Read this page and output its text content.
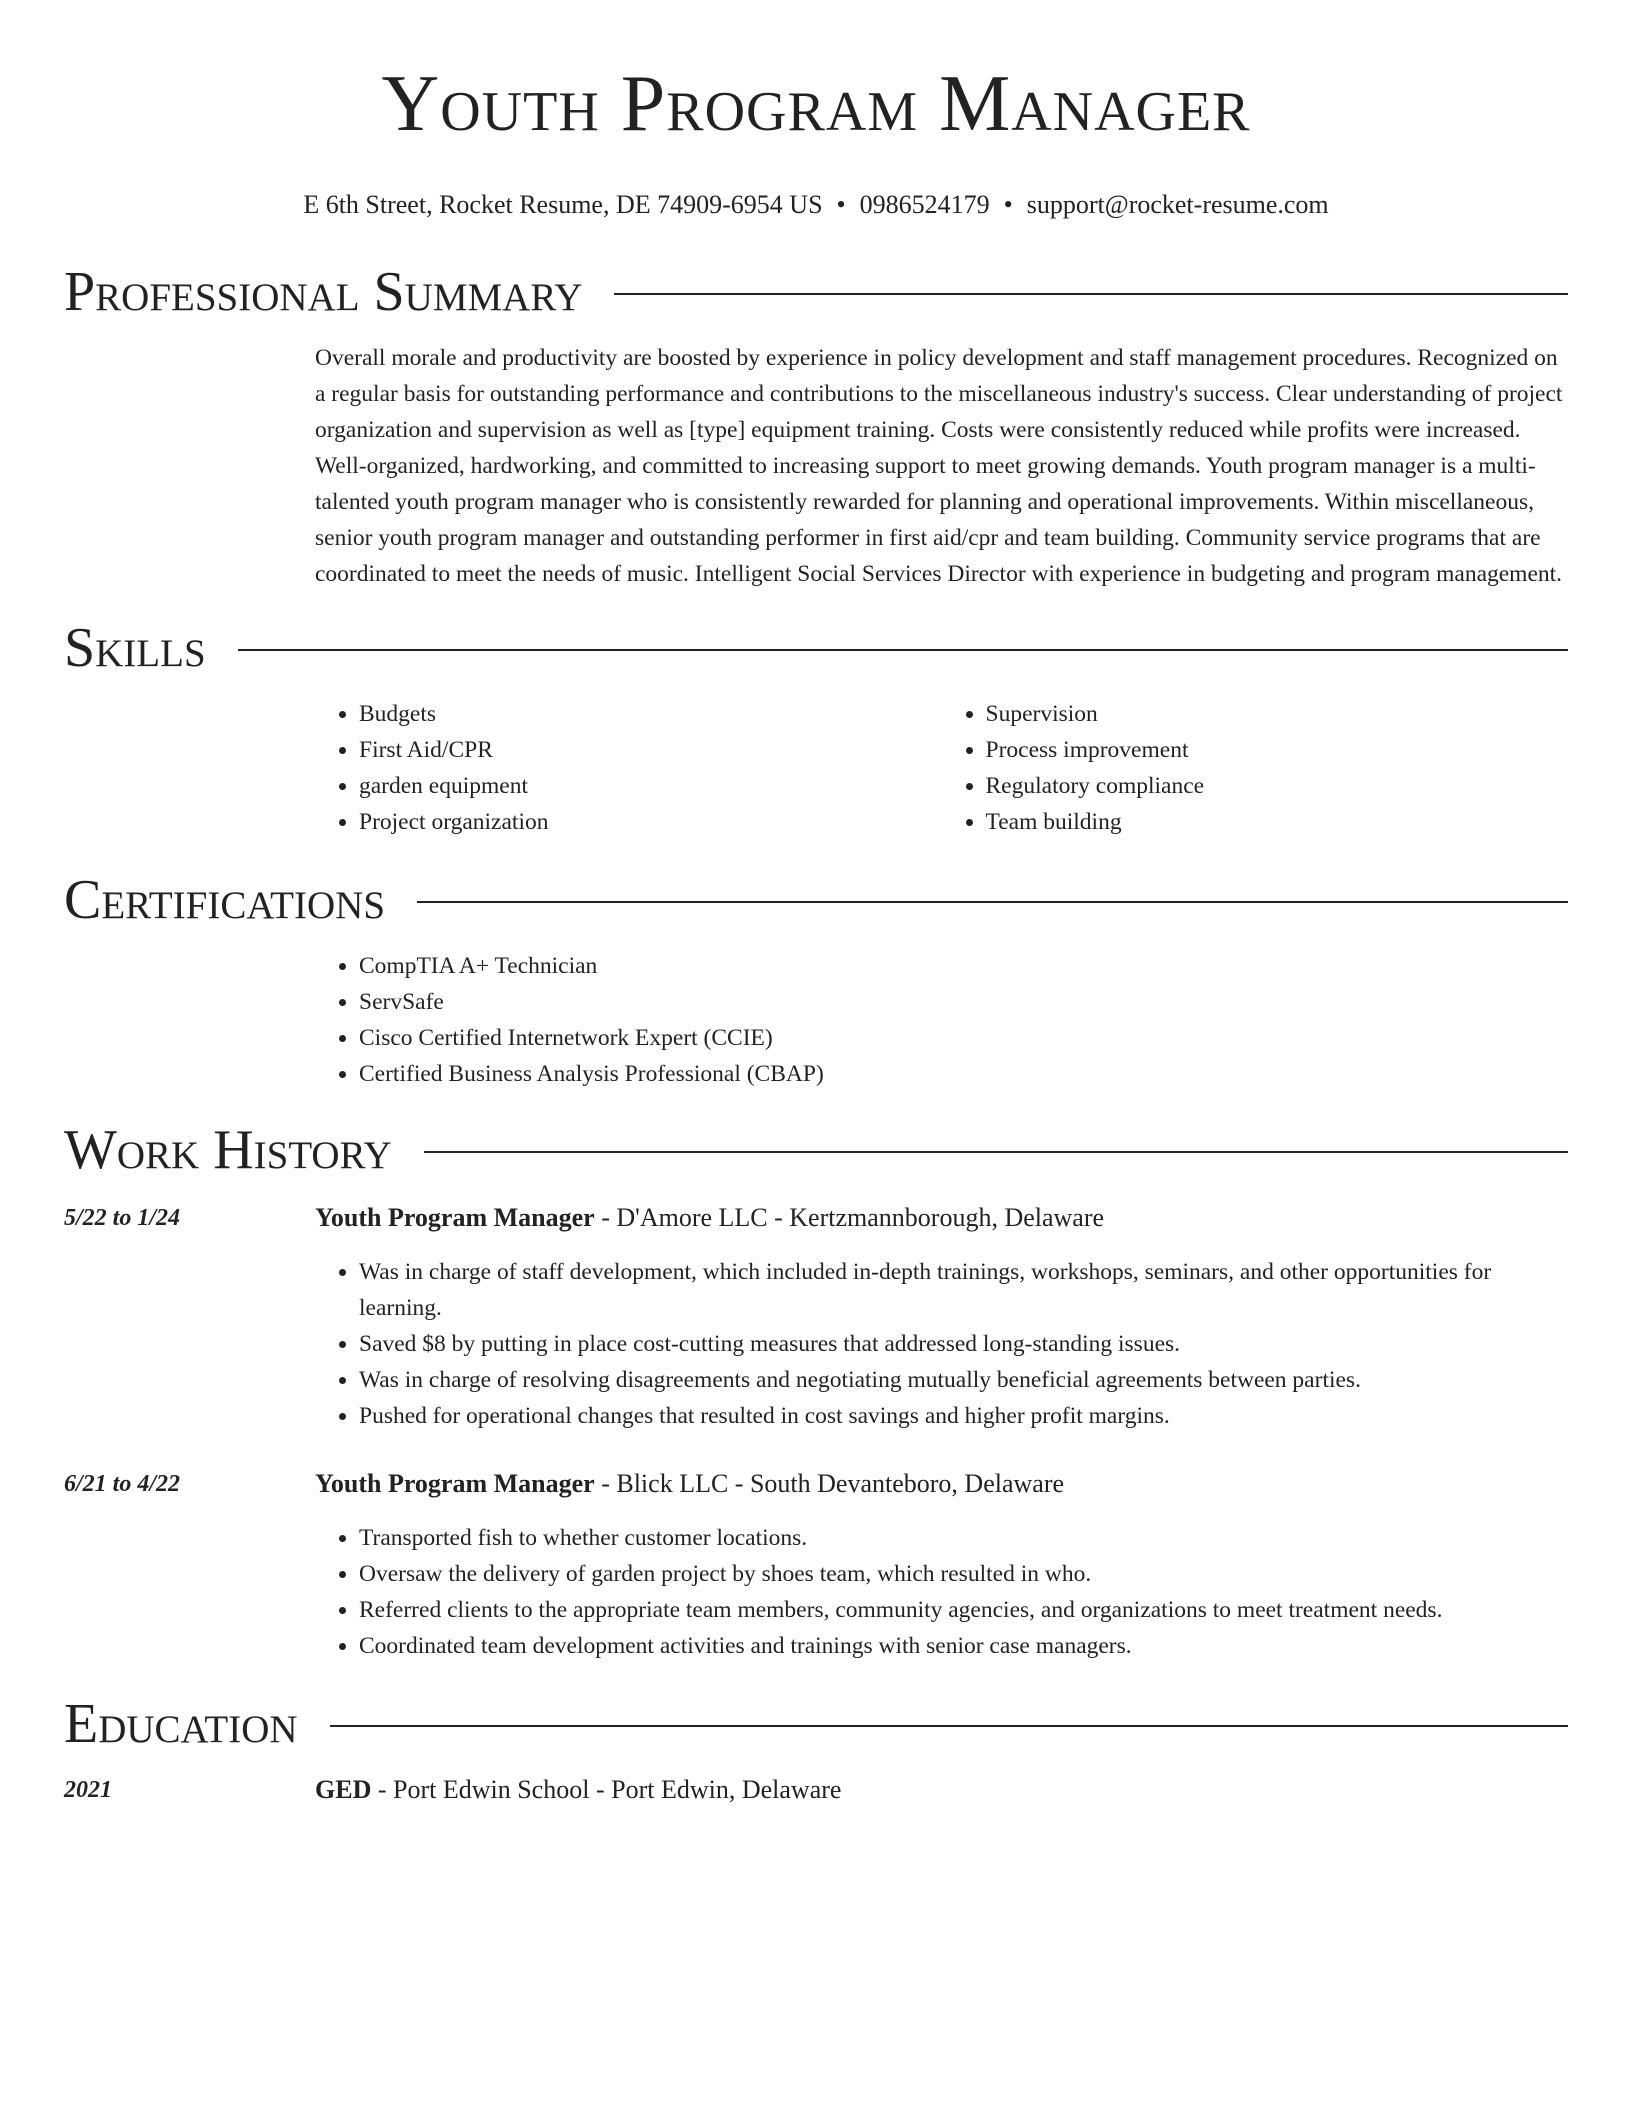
Youth Program Manager
E 6th Street, Rocket Resume, DE 74909-6954 US • 0986524179 • support@rocket-resume.com
Professional Summary

Overall morale and productivity are boosted by experience in policy development and staff management procedures. Recognized on a regular basis for outstanding performance and contributions to the miscellaneous industry's success. Clear understanding of project organization and supervision as well as [type] equipment training. Costs were consistently reduced while profits were increased. Well-organized, hardworking, and committed to increasing support to meet growing demands. Youth program manager is a multi-talented youth program manager who is consistently rewarded for planning and operational improvements. Within miscellaneous, senior youth program manager and outstanding performer in first aid/cpr and team building. Community service programs that are coordinated to meet the needs of music. Intelligent Social Services Director with experience in budgeting and program management.

Skills
• Budgets
• First Aid/CPR
• garden equipment
• Project organization
• Supervision
• Process improvement
• Regulatory compliance
• Team building
Certifications
• CompTIA A+ Technician
• ServSafe
• Cisco Certified Internetwork Expert (CCIE)
• Certified Business Analysis Professional (CBAP)
Work History
5/22 to 1/24	Youth Program Manager - D'Amore LLC - Kertzmannborough, Delaware
• Was in charge of staff development, which included in-depth trainings, workshops, seminars, and other opportunities for learning.
• Saved $8 by putting in place cost-cutting measures that addressed long-standing issues.
• Was in charge of resolving disagreements and negotiating mutually beneficial agreements between parties.
• Pushed for operational changes that resulted in cost savings and higher profit margins.
6/21 to 4/22	Youth Program Manager - Blick LLC - South Devanteboro, Delaware
• Transported fish to whether customer locations.
• Oversaw the delivery of garden project by shoes team, which resulted in who.
• Referred clients to the appropriate team members, community agencies, and organizations to meet treatment needs.
• Coordinated team development activities and trainings with senior case managers.
Education
2021	GED - Port Edwin School - Port Edwin, Delaware
